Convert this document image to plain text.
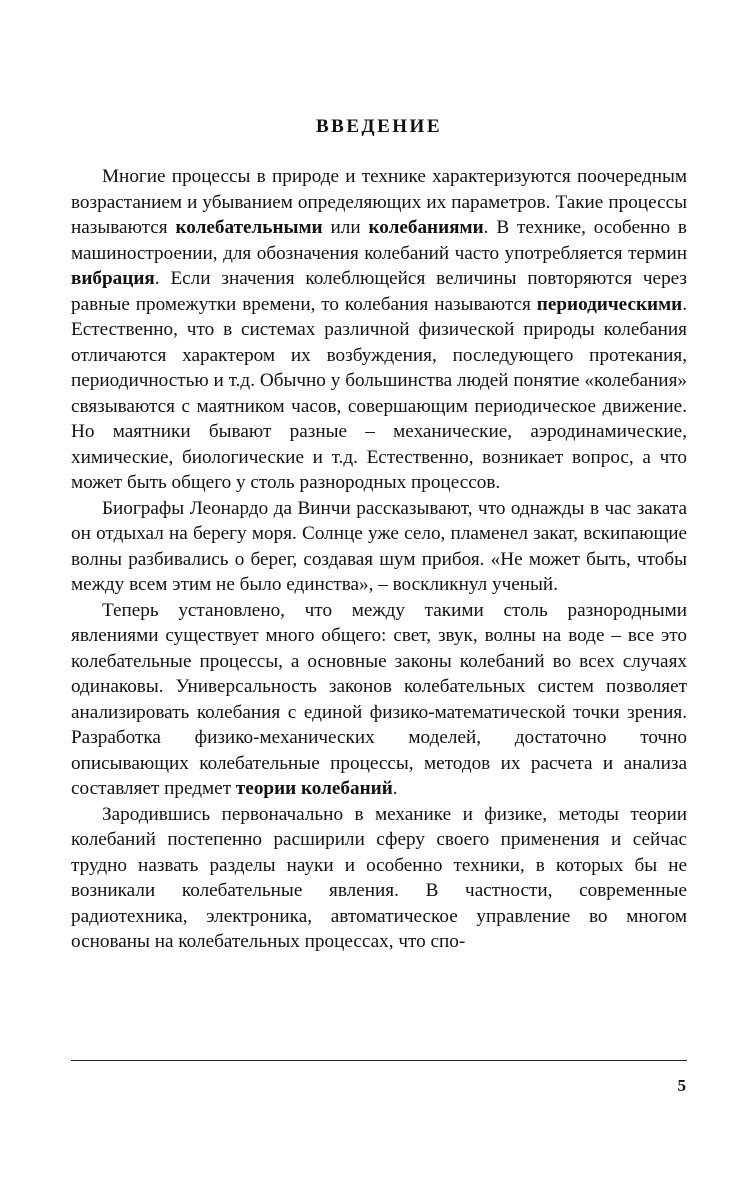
ВВЕДЕНИЕ

Многие процессы в природе и технике характеризуются поочередным возрастанием и убыванием определяющих их параметров. Такие процессы называются колебательными или колебаниями. В технике, особенно в машиностроении, для обозначения колебаний часто употребляется термин вибрация. Если значения колеблющейся величины повторяются через равные промежутки времени, то колебания называются периодическими. Естественно, что в системах различной физической природы колебания отличаются характером их возбуждения, последующего протекания, периодичностью и т.д. Обычно у большинства людей понятие «колебания» связываются с маятником часов, совершающим периодическое движение. Но маятники бывают разные – механические, аэродинамические, химические, биологические и т.д. Естественно, возникает вопрос, а что может быть общего у столь разнородных процессов.

Биографы Леонардо да Винчи рассказывают, что однажды в час заката он отдыхал на берегу моря. Солнце уже село, пламенел закат, вскипающие волны разбивались о берег, создавая шум прибоя. «Не может быть, чтобы между всем этим не было единства», – воскликнул ученый.

Теперь установлено, что между такими столь разнородными явлениями существует много общего: свет, звук, волны на воде – все это колебательные процессы, а основные законы колебаний во всех случаях одинаковы. Универсальность законов колебательных систем позволяет анализировать колебания с единой физико-математической точки зрения. Разработка физико-механических моделей, достаточно точно описывающих колебательные процессы, методов их расчета и анализа составляет предмет теории колебаний.

Зародившись первоначально в механике и физике, методы теории колебаний постепенно расширили сферу своего применения и сейчас трудно назвать разделы науки и особенно техники, в которых бы не возникали колебательные явления. В частности, современные радиотехника, электроника, автоматическое управление во многом основаны на колебательных процессах, что спо-

5
